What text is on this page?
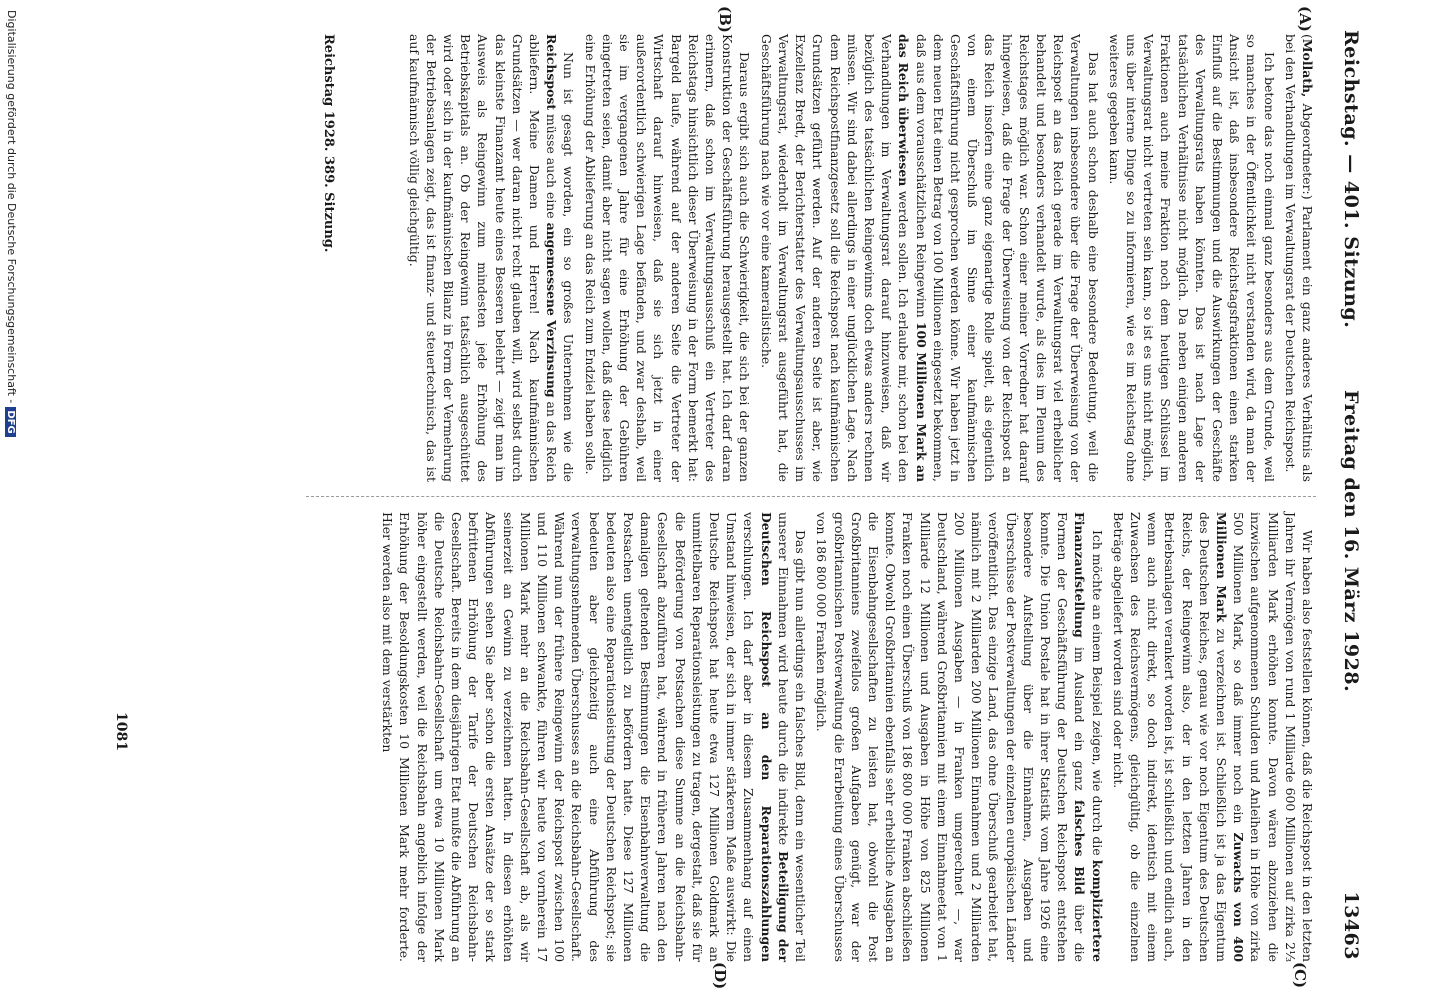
Reichstag. — 401. Sitzung.
Freitag den 16. März 1928.
13463
(A)
(B)
(C)
(D)

(Mollath, Abgeordneter:) Parlament ein ganz anderes Verhältnis als bei den Verhandlungen im Verwaltungsrat der Deutschen Reichspost.

Ich betone das noch einmal ganz besonders aus dem Grunde, weil so manches in der Öffentlichkeit nicht verstanden wird, da man der Ansicht ist, daß insbesondere Reichstagsfraktionen einen starken Einfluß auf die Bestimmungen und die Auswirkungen der Geschäfte des Verwaltungsrats haben könnten. Das ist nach Lage der tatsächlichen Verhältnisse nicht möglich. Da neben einigen anderen Fraktionen auch meine Fraktion noch dem heutigen Schlüssel im Verwaltungsrat nicht vertreten sein kann, so ist es uns nicht möglich, uns über interne Dinge so zu informieren, wie es im Reichstag ohne weiteres gegeben kann.

Das hat auch schon deshalb eine besondere Bedeutung, weil die Verwaltungen insbesondere über die Frage der Überweisung von der Reichspost an das Reich gerade im Verwaltungsrat viel erheblicher behandelt und besonders verhandelt wurde, als dies im Plenum des Reichstages möglich war. Schon einer meiner Vorredner hat darauf hingewiesen, daß die Frage der Überweisung von der Reichspost an das Reich insofern eine ganz eigenartige Rolle spielt, als eigentlich von einem Überschuß im Sinne einer kaufmännischen Geschäftsführung nicht gesprochen werden könne. Wir haben jetzt in dem neuen Etat einen Betrag von 100 Millionen eingesetzt bekommen, daß aus dem vorausschätzlichen Reingewinn 100 Millionen Mark an das Reich überwiesen werden sollen. Ich erlaube mir, schon bei den Verhandlungen im Verwaltungsrat darauf hinzuweisen, daß wir bezüglich des tatsächlichen Reingewinns doch etwas anders rechnen müssen. Wir sind dabei allerdings in einer unglücklichen Lage. Nach dem Reichspostfinanzgesetz soll die Reichspost nach kaufmännischen Grundsätzen geführt werden. Auf der anderen Seite ist aber, wie Exzellenz Bredt, der Berichterstatter des Verwaltungsausschusses im Verwaltungsrat, wiederholt im Verwaltungsrat ausgeführt hat, die Geschäftsführung nach wie vor eine kameralistische.

Daraus ergibt sich auch die Schwierigkeit, die sich bei der ganzen Konstruktion der Geschäftsführung herausgestellt hat. Ich darf daran erinnern, daß schon im Verwaltungsausschuß ein Vertreter des Reichstags hinsichtlich dieser Überweisung in der Form bemerkt hat: Bargeld laufe, während auf der anderen Seite die Vertreter der Wirtschaft darauf hinweisen, daß sie sich jetzt in einer außerordentlich schwierigen Lage befänden, und zwar deshalb, weil sie im vergangenen Jahre für eine Erhöhung der Gebühren eingetreten seien, damit aber nicht sagen wollen, daß diese lediglich eine Erhöhung der Ablieferung an das Reich zum Endziel haben solle.

Nun ist gesagt worden, ein so großes Unternehmen wie die Reichspost müsse auch eine angemessene Verzinsung an das Reich abliefern. Meine Damen und Herren! Nach kaufmännischen Grundsätzen — wer daran nicht recht glauben will, wird selbst durch das kleinste Finanzamt heute eines Besseren belehrt — zeigt man im Ausweis als Reingewinn zum mindesten jede Erhöhung des Betriebskapitals an. Ob der Reingewinn tatsächlich ausgeschüttet wird oder sich in der kaufmännischen Bilanz in Form der Vermehrung der Betriebsanlagen zeigt, das ist finanz- und steuertechnisch, das ist auf kaufmännisch völlig gleichgültig.

Wir haben also feststellen können, daß die Reichspost in den letzten Jahren ihr Vermögen von rund 1 Milliarde 600 Millionen auf zirka 2⅓ Milliarden Mark erhöhen konnte. Davon wären abzuziehen die inzwischen aufgenommenen Schulden und Anleihen in Höhe von zirka 500 Millionen Mark, so daß immer noch ein Zuwachs von 400 Millionen Mark zu verzeichnen ist. Schließlich ist ja das Eigentum des Deutschen Reiches, genau wie vor noch Eigentum des Deutschen Reichs, der Reingewinn also, der in den letzten Jahren in den Betriebsanlagen verankert worden ist, ist schließlich und endlich auch, wenn auch nicht direkt, so doch indirekt, identisch mit einem Zuwachsen des Reichsvermögens, gleichgültig, ob die einzelnen Beträge abgeliefert worden sind oder nicht.

Ich möchte an einem Beispiel zeigen, wie durch die kompliziertere Finanzaufstellung im Ausland ein ganz falsches Bild über die Formen der Geschäftsführung der Deutschen Reichspost entstehen konnte. Die Union Postale hat in ihrer Statistik vom Jahre 1926 eine besondere Aufstellung über die Einnahmen, Ausgaben und Überschüsse der Postverwaltungen der einzelnen europäischen Länder veröffentlicht. Das einzige Land, das ohne Überschuß gearbeitet hat, nämlich mit 2 Milliarden 200 Millionen Einnahmen und 2 Milliarden 200 Millionen Ausgaben — in Franken umgerechnet —, war Deutschland, während Großbritannien mit einem Einnahmeetat von 1 Milliarde 12 Millionen und Ausgaben in Höhe von 825 Millionen Franken noch einen Überschuß von 186 800 000 Franken abschließen konnte. Obwohl Großbritannien ebenfalls sehr erhebliche Ausgaben an die Eisenbahngesellschaften zu leisten hat, obwohl die Post Großbritanniens zweifellos großen Aufgaben genügt, war der großbritannischen Postverwaltung die Erarbeitung eines Überschusses von 186 800 000 Franken möglich.

Das gibt nun allerdings ein falsches Bild, denn ein wesentlicher Teil unserer Einnahmen wird heute durch die indirekte Beteiligung der Deutschen Reichspost an den Reparationszahlungen verschlungen. Ich darf aber in diesem Zusammenhang auf einen Umstand hinweisen, der sich in immer stärkerem Maße auswirkt: Die Deutsche Reichspost hat heute etwa 127 Millionen Goldmark an unmittelbaren Reparationsleistungen zu tragen, dergestalt, daß sie für die Beförderung von Postsachen diese Summe an die Reichsbahn-Gesellschaft abzuführen hat, während in früheren Jahren nach den damaligen geltenden Bestimmungen die Eisenbahnverwaltung die Postsachen unentgeltlich zu befördern hatte. Diese 127 Millionen bedeuten also eine Reparationsleistung der Deutschen Reichspost; sie bedeuten aber gleichzeitig auch eine Abführung des verwaltungsnehmenden Überschusses an die Reichsbahn-Gesellschaft. Während nun der frühere Reingewinn der Reichspost zwischen 100 und 110 Millionen schwankte, führen wir heute von vornherein 17 Millionen Mark mehr an die Reichsbahn-Gesellschaft ab, als wir seinerzeit an Gewinn zu verzeichnen hatten. In diesen erhöhten Abführungen sehen Sie aber schon die ersten Ansätze der so stark befrittenen Erhöhung der Tarife der Deutschen Reichsbahn-Gesellschaft. Bereits in dem diesjährigen Etat mußte die Abführung an die Deutsche Reichsbahn-Gesellschaft um etwa 10 Millionen Mark höher eingestellt werden, weil die Reichsbahn angeblich infolge der Erhöhung der Besoldungskosten 10 Millionen Mark mehr forderte. Hier werden also mit dem verstärkten

Reichstag 1928. 389. Sitzung.
1081
Digitalisierung gefördert durch die Deutsche Forschungsgemeinschaft -DFG
